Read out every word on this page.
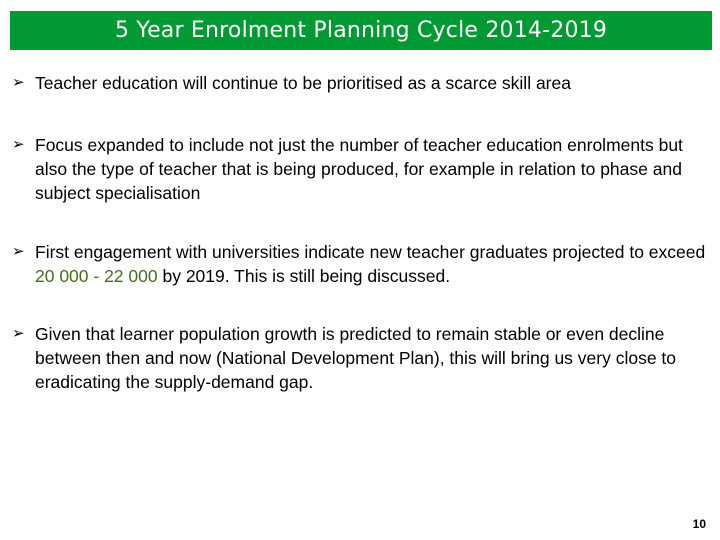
5 Year Enrolment Planning Cycle 2014-2019
➢ Teacher education will continue to be prioritised as a scarce skill area
➢ Focus expanded to include not just the number of teacher education enrolments but also the type of teacher that is being produced, for example in relation to phase and subject specialisation
➢ First engagement with universities indicate new teacher graduates projected to exceed 20 000 - 22 000 by 2019. This is still being discussed.
➢ Given that learner population growth is predicted to remain stable or even decline between then and now (National Development Plan), this will bring us very close to eradicating the supply-demand gap.
10
